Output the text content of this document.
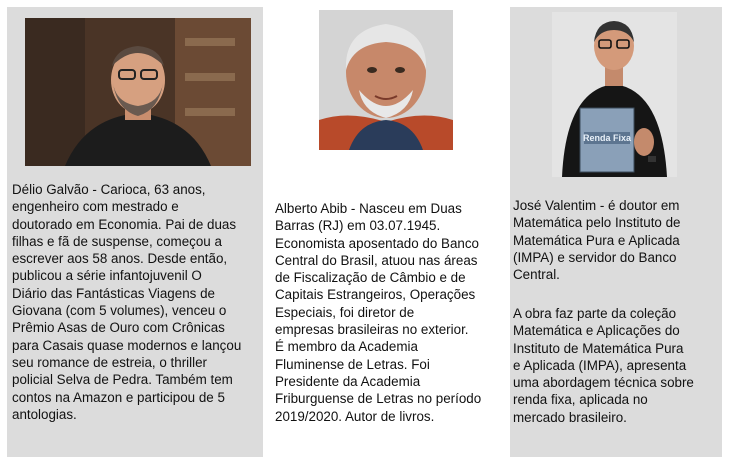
Délio Galvão - Carioca, 63 anos,
engenheiro com mestrado e
doutorado em Economia. Pai de duas
filhas e fã de suspense, começou a
escrever aos 58 anos. Desde então,
publicou a série infantojuvenil O
Diário das Fantásticas Viagens de
Giovana (com 5 volumes), venceu o
Prêmio Asas de Ouro com Crônicas
para Casais quase modernos e lançou
seu romance de estreia, o thriller
policial Selva de Pedra. Também tem
contos na Amazon e participou de 5
antologias.
Alberto Abib - Nasceu em Duas
Barras (RJ) em 03.07.1945.
Economista aposentado do Banco
Central do Brasil, atuou nas áreas
de Fiscalização de Câmbio e de
Capitais Estrangeiros, Operações
Especiais, foi diretor de
empresas brasileiras no exterior.
É membro da Academia
Fluminense de Letras. Foi
Presidente da Academia
Friburguense de Letras no período
2019/2020. Autor de livros.
Renda Fixa
José Valentim - é doutor em
Matemática pelo Instituto de
Matemática Pura e Aplicada
(IMPA) e servidor do Banco
Central.
A obra faz parte da coleção
Matemática e Aplicações do
Instituto de Matemática Pura
e Aplicada (IMPA), apresenta
uma abordagem técnica sobre
renda fixa, aplicada no
mercado brasileiro.
